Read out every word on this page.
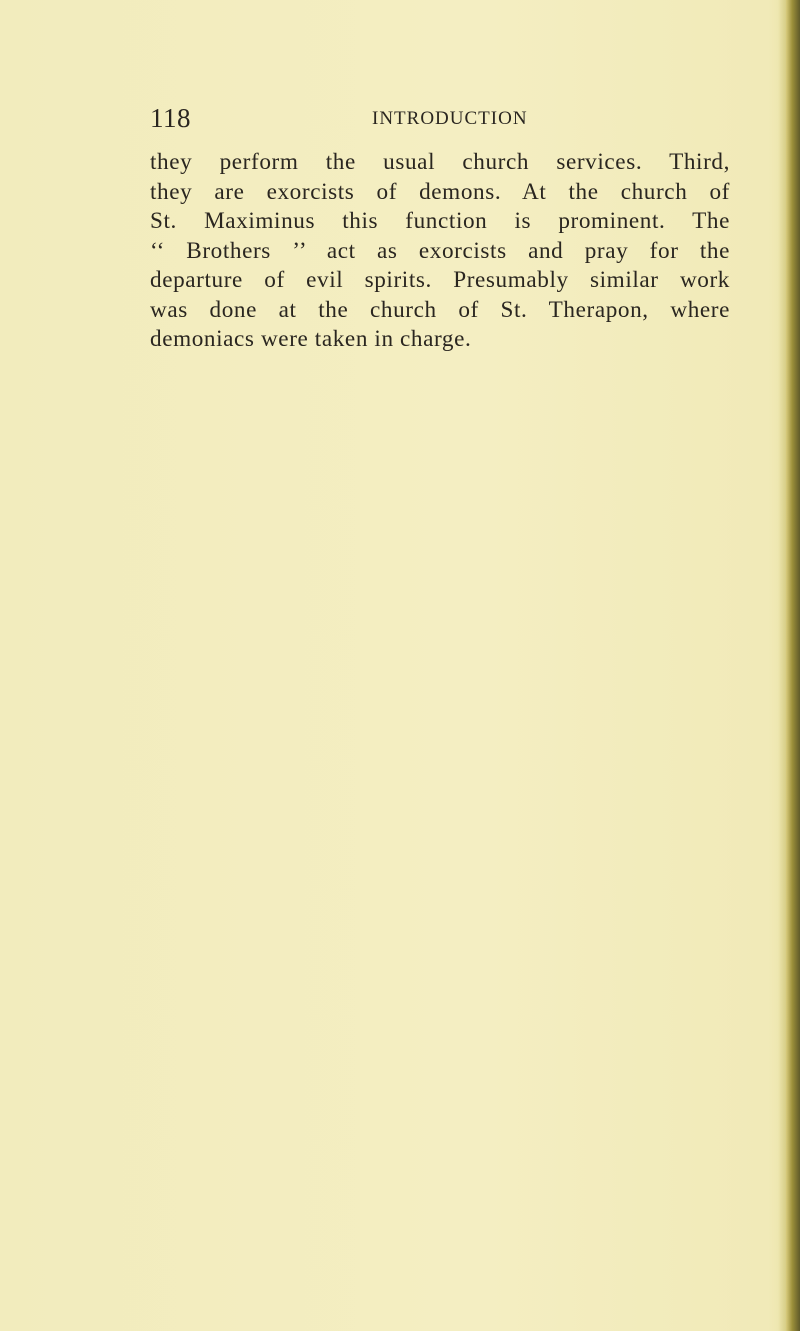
118	INTRODUCTION
they perform the usual church services. Third,
they are exorcists of demons. At the church of
St. Maximinus this function is prominent. The
‘‘ Brothers ’’ act as exorcists and pray for the
departure of evil spirits. Presumably similar work
was done at the church of St. Therapon, where
demoniacs were taken in charge.
